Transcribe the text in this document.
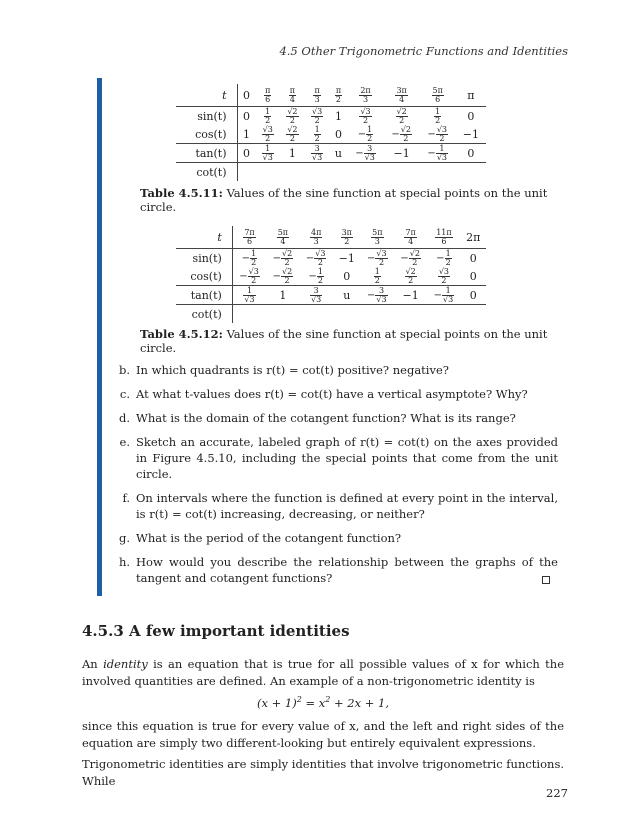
4.5 Other Trigonometric Functions and Identities
t	0	$\frac{\pi}{6}$	$\frac{\pi}{4}$	$\frac{\pi}{3}$	$\frac{\pi}{2}$	$\frac{2\pi}{3}$	$\frac{3\pi}{4}$	$\frac{5\pi}{6}$	π
sin(t)	0	$\frac{1}{2}$	$\frac{√2}{2}$	$\frac{√3}{2}$	1	$\frac{√3}{2}$	$\frac{√2}{2}$	$\frac{1}{2}$	0
cos(t)	1	$\frac{√3}{2}$	$\frac{√2}{2}$	$\frac{1}{2}$	0	− $\frac{1}{2}$	− $\frac{√2}{2}$	− $\frac{√3}{2}$	−1
tan(t)	0	$\frac{1}{√3}$	1	$\frac{3}{√3}$	u	− $\frac{3}{√3}$	−1	− $\frac{1}{√3}$	0
cot(t)									
Table 4.5.11: Values of the sine function at special points on the unit circle.
t	$\frac{7\pi}{6}$	$\frac{5\pi}{4}$	$\frac{4\pi}{3}$	$\frac{3\pi}{2}$	$\frac{5\pi}{3}$	$\frac{7\pi}{4}$	$\frac{11\pi}{6}$	2π
sin(t)	− $\frac{1}{2}$	− $\frac{√2}{2}$	− $\frac{√3}{2}$	−1	− $\frac{√3}{2}$	− $\frac{√2}{2}$	− $\frac{1}{2}$	0
cos(t)	− $\frac{√3}{2}$	− $\frac{√2}{2}$	− $\frac{1}{2}$	0	$\frac{1}{2}$	$\frac{√2}{2}$	$\frac{√3}{2}$	0
tan(t)	$\frac{1}{√3}$	1	$\frac{3}{√3}$	u	− $\frac{3}{√3}$	−1	− $\frac{1}{√3}$	0
cot(t)								
Table 4.5.12: Values of the sine function at special points on the unit circle.
b. In which quadrants is r(t) = cot(t) positive? negative?
c. At what t-values does r(t) = cot(t) have a vertical asymptote? Why?
d. What is the domain of the cotangent function? What is its range?
e. Sketch an accurate, labeled graph of r(t) = cot(t) on the axes provided in Figure 4.5.10, including the special points that come from the unit circle.
f. On intervals where the function is defined at every point in the interval, is r(t) = cot(t) increasing, decreasing, or neither?
g. What is the period of the cotangent function?
h. How would you describe the relationship between the graphs of the tangent and cotangent functions?
4.5.3 A few important identities
An identity is an equation that is true for all possible values of x for which the involved quantities are defined. An example of a non-trigonometric identity is
$(x + 1)^2 = x^2 + 2x + 1$,
since this equation is true for every value of x, and the left and right sides of the equation are simply two different-looking but entirely equivalent expressions.
Trigonometric identities are simply identities that involve trigonometric functions. While
227
